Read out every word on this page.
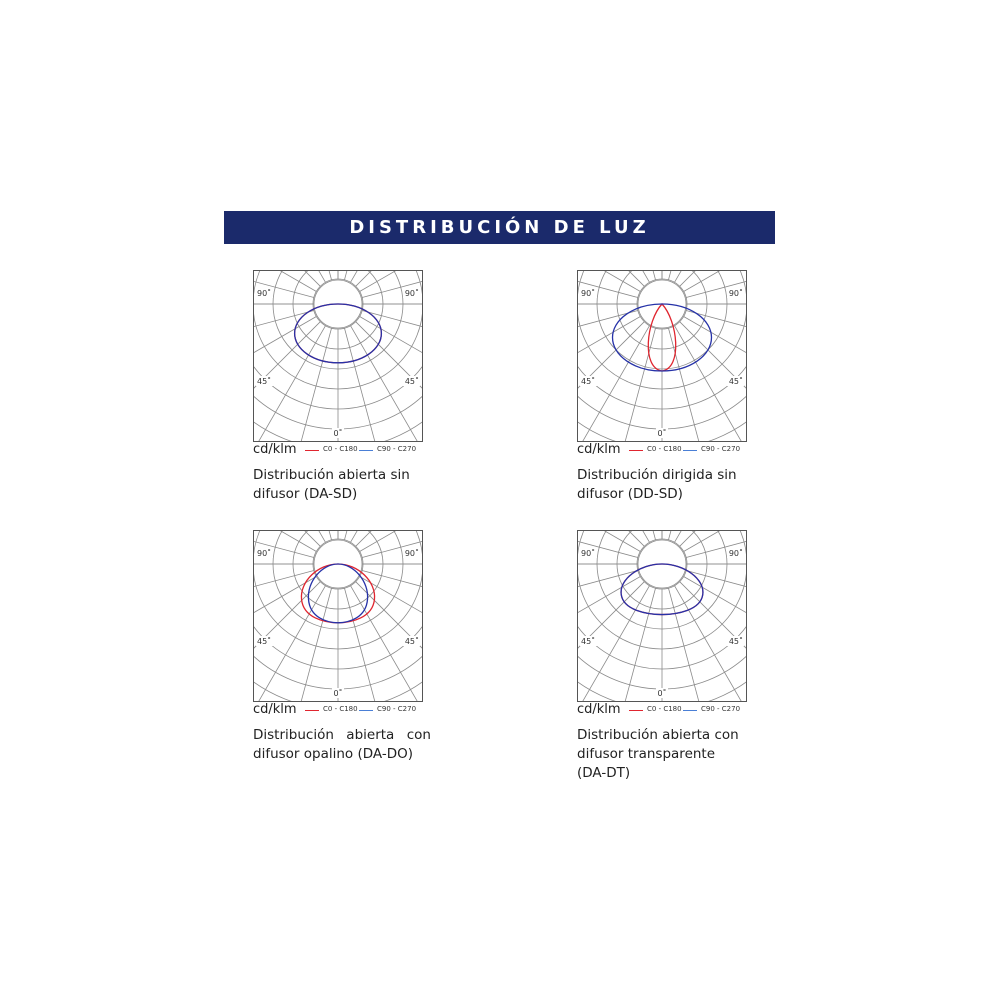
DISTRIBUCIÓN DE LUZ
90˚	90˚
45˚	45˚
0˚
cd/klm	C0 - C180	C90 - C270
Distribución abierta sin
difusor (DA-SD)
90˚	90˚
45˚	45˚
0˚
cd/klm	C0 - C180	C90 - C270
Distribución dirigida sin
difusor (DD-SD)
90˚	90˚
45˚	45˚
0˚
cd/klm	C0 - C180	C90 - C270
Distribución abierta con
difusor opalino (DA-DO)
90˚	90˚
45˚	45˚
0˚
cd/klm	C0 - C180	C90 - C270
Distribución abierta con
difusor transparente
(DA-DT)
